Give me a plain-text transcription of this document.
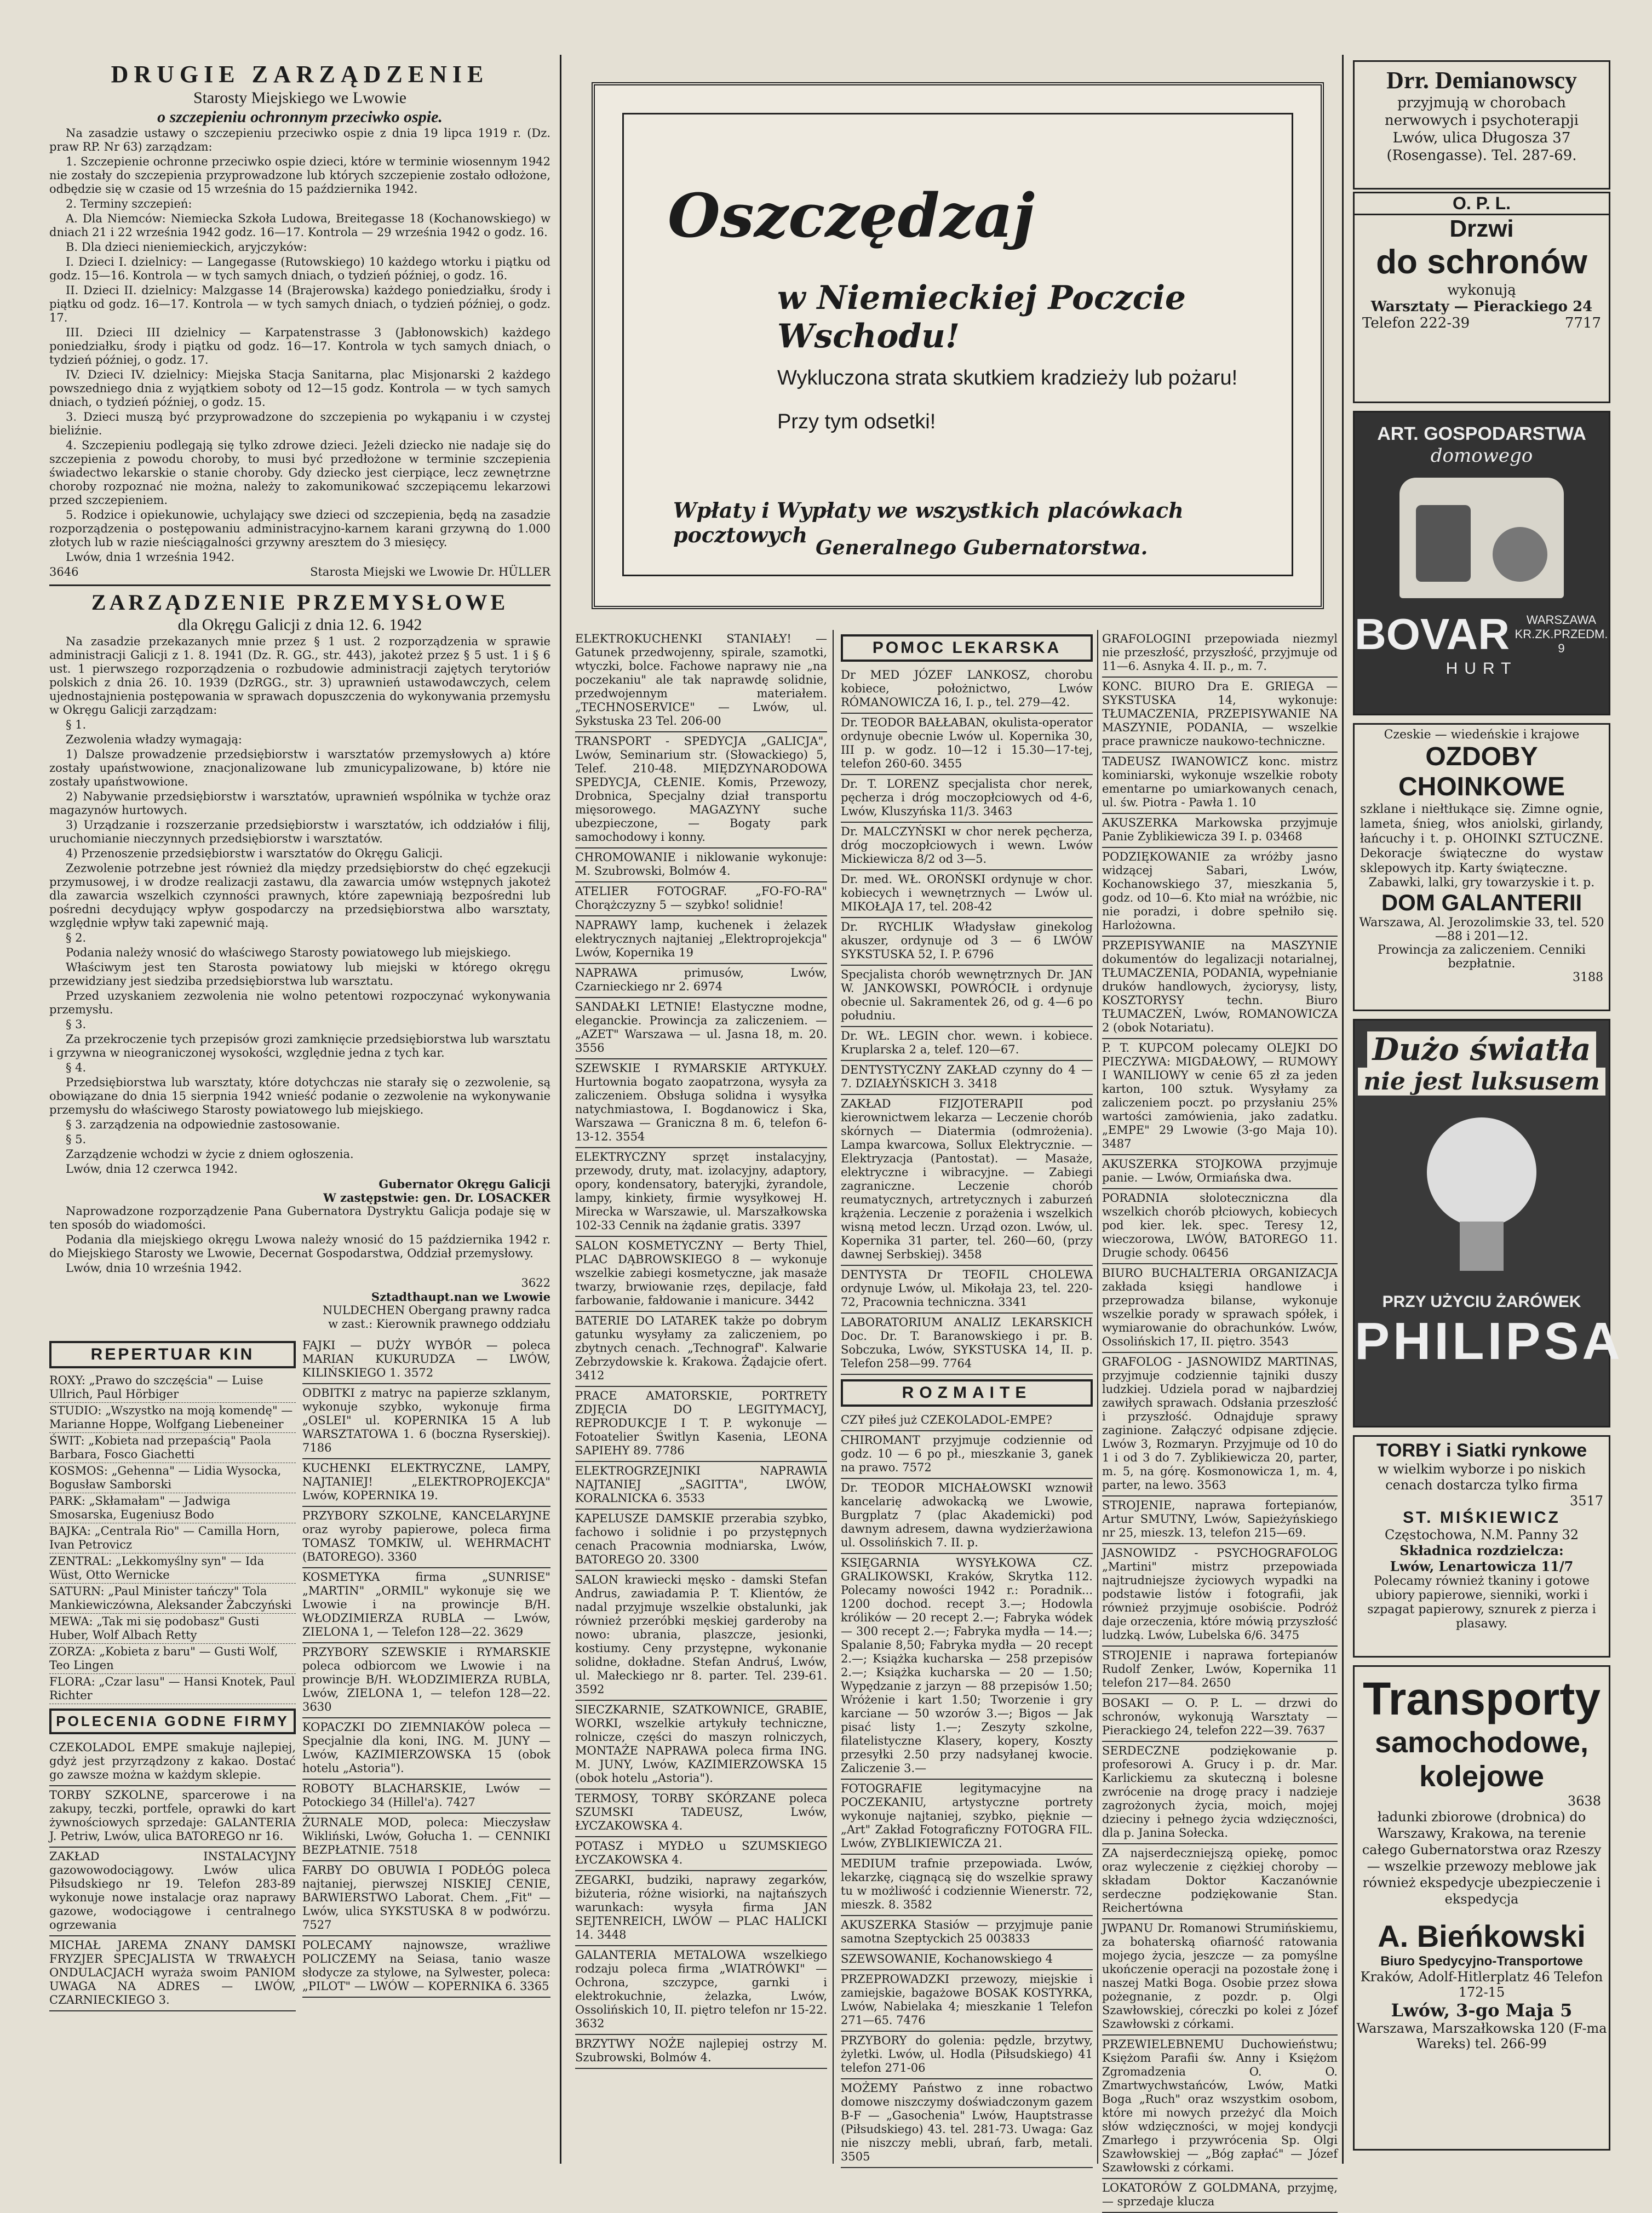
DRUGIE ZARZĄDZENIE
Starosty Miejskiego we Lwowie
o szczepieniu ochronnym przeciwko ospie.
Na zasadzie ustawy o szczepieniu przeciwko ospie z dnia 19 lipca 1919 r. (Dz. praw RP. Nr 63) zarządzam:
1. Szczepienie ochronne przeciwko ospie dzieci, które w terminie wiosennym 1942 nie zostały do szczepienia przyprowadzone lub których szczepienie zostało odłożone, odbędzie się w czasie od 15 września do 15 października 1942.
2. Terminy szczepień:
A. Dla Niemców: Niemiecka Szkoła Ludowa, Breitegasse 18 (Kochanowskiego) w dniach 21 i 22 września 1942 godz. 16—17. Kontrola — 29 września 1942 o godz. 16.
B. Dla dzieci nieniemieckich, aryjczyków:
I. Dzieci I. dzielnicy: — Langegasse (Rutowskiego) 10 każdego wtorku i piątku od godz. 15—16. Kontrola — w tych samych dniach, o tydzień później, o godz. 16.
II. Dzieci II. dzielnicy: Malzgasse 14 (Brajerowska) każdego poniedziałku, środy i piątku od godz. 16—17. Kontrola — w tych samych dniach, o tydzień później, o godz. 17.
III. Dzieci III dzielnicy — Karpatenstrasse 3 (Jabłonowskich) każdego poniedziałku, środy i piątku od godz. 16—17. Kontrola w tych samych dniach, o tydzień później, o godz. 17.
IV. Dzieci IV. dzielnicy: Miejska Stacja Sanitarna, plac Misjonarski 2 każdego powszedniego dnia z wyjątkiem soboty od 12—15 godz. Kontrola — w tych samych dniach, o tydzień później, o godz. 15.
3. Dzieci muszą być przyprowadzone do szczepienia po wykąpaniu i w czystej bieliźnie.
4. Szczepieniu podlegają się tylko zdrowe dzieci. Jeżeli dziecko nie nadaje się do szczepienia z powodu choroby, to musi być przedłożone w terminie szczepienia świadectwo lekarskie o stanie choroby. Gdy dziecko jest cierpiące, lecz zewnętrzne choroby rozpoznać nie można, należy to zakomunikować szczepiącemu lekarzowi przed szczepieniem.
5. Rodzice i opiekunowie, uchylający swe dzieci od szczepienia, będą na zasadzie rozporządzenia o postępowaniu administracyjno-karnem karani grzywną do 1.000 złotych lub w razie nieściągalności grzywny aresztem do 3 miesięcy.
Lwów, dnia 1 września 1942.
3646	Starosta Miejski we Lwowie Dr. HÜLLER
ZARZĄDZENIE PRZEMYSŁOWE
dla Okręgu Galicji z dnia 12. 6. 1942
Na zasadzie przekazanych mnie przez § 1 ust. 2 rozporządzenia w sprawie administracji Galicji z 1. 8. 1941 (Dz. R. GG., str. 443), jakoteż przez § 5 ust. 1 i § 6 ust. 1 pierwszego rozporządzenia o rozbudowie administracji zajętych terytoriów polskich z dnia 26. 10. 1939 (DzRGG., str. 3) uprawnień ustawodawczych, celem ujednostajnienia postępowania w sprawach dopuszczenia do wykonywania przemysłu w Okręgu Galicji zarządzam:
§ 1.
Zezwolenia władzy wymagają:
1) Dalsze prowadzenie przedsiębiorstw i warsztatów przemysłowych a) które zostały upaństwowione, znacjonalizowane lub zmunicypalizowane, b) które nie zostały upaństwowione.
2) Nabywanie przedsiębiorstw i warsztatów, uprawnień wspólnika w tychże oraz magazynów hurtowych.
3) Urządzanie i rozszerzanie przedsiębiorstw i warsztatów, ich oddziałów i filij, uruchomianie nieczynnych przedsiębiorstw i warsztatów.
4) Przenoszenie przedsiębiorstw i warsztatów do Okręgu Galicji.
Zezwolenie potrzebne jest również dla między przedsiębiorstw do chęć egzekucji przymusowej, i w drodze realizacji zastawu, dla zawarcia umów wstępnych jakoteż dla zawarcia wszelkich czynności prawnych, które zapewniają bezpośredni lub pośredni decydujący wpływ gospodarczy na przedsiębiorstwa albo warsztaty, względnie wpływ taki zapewnić mają.
§ 2.
Podania należy wnosić do właściwego Starosty powiatowego lub miejskiego.
Właściwym jest ten Starosta powiatowy lub miejski w którego okręgu przewidziany jest siedziba przedsiębiorstwa lub warsztatu.
Przed uzyskaniem zezwolenia nie wolno petentowi rozpoczynać wykonywania przemysłu.
§ 3.
Za przekroczenie tych przepisów grozi zamknięcie przedsiębiorstwa lub warsztatu i grzywna w nieograniczonej wysokości, względnie jedna z tych kar.
§ 4.
Przedsiębiorstwa lub warsztaty, które dotychczas nie starały się o zezwolenie, są obowiązane do dnia 15 sierpnia 1942 wnieść podanie o zezwolenie na wykonywanie przemysłu do właściwego Starosty powiatowego lub miejskiego.
§ 3. zarządzenia na odpowiednie zastosowanie.
§ 5.
Zarządzenie wchodzi w życie z dniem ogłoszenia.
Lwów, dnia 12 czerwca 1942.
Gubernator Okręgu Galicji
W zastępstwie: gen. Dr. LOSACKER
Naprowadzone rozporządzenie Pana Gubernatora Dystryktu Galicja podaje się w ten sposób do wiadomości.
Podania dla miejskiego okręgu Lwowa należy wnosić do 15 października 1942 r. do Miejskiego Starosty we Lwowie, Decernat Gospodarstwa, Oddział przemysłowy.
Lwów, dnia 10 września 1942.
3622
Sztadthaupt.nan we Lwowie
NULDECHEN Obergang prawny radca
w zast.: Kierownik prawnego oddziału
REPERTUAR KIN
ROXY: „Prawo do szczęścia" — Luise Ullrich, Paul Hörbiger
STUDIO: „Wszystko na moją komendę" — Marianne Hoppe, Wolfgang Liebeneiner
ŚWIT: „Kobieta nad przepaścią" Paola Barbara, Fosco Giachetti
KOSMOS: „Gehenna" — Lidia Wysocka, Bogusław Samborski
PARK: „Skłamałam" — Jadwiga Smosarska, Eugeniusz Bodo
BAJKA: „Centrala Rio" — Camilla Horn, Ivan Petrovicz
ZENTRAL: „Lekkomyślny syn" — Ida Wüst, Otto Wernicke
SATURN: „Paul Minister tańczy" Tola Mankiewiczówna, Aleksander Żabczyński
MEWA: „Tak mi się podobasz" Gusti Huber, Wolf Albach Retty
ZORZA: „Kobieta z baru" — Gusti Wolf, Teo Lingen
FLORA: „Czar lasu" — Hansi Knotek, Paul Richter
POLECENIA GODNE FIRMY
CZEKOLADOL EMPE smakuje najlepiej, gdyż jest przyrządzony z kakao. Dostać go zawsze można w każdym sklepie.
TORBY SZKOLNE, sparcerowe i na zakupy, teczki, portfele, oprawki do kart żywnościowych sprzedaje: GALANTERIA J. Petriw, Lwów, ulica BATOREGO nr 16.
ZAKŁAD INSTALACYJNY gazowowodociągowy. Lwów ulica Piłsudskiego nr 19. Telefon 283-89 wykonuje nowe instalacje oraz naprawy gazowe, wodociągowe i centralnego ogrzewania
MICHAŁ JAREMA ZNANY DAMSKI FRYZJER SPECJALISTA W TRWAŁYCH ONDULACJACH wyraża swoim PANIOM UWAGA NA ADRES — LWÓW, CZARNIECKIEGO 3.
FAJKI — DUŻY WYBÓR — poleca MARIAN KUKURUDZA — LWÓW, KILIŃSKIEGO 1. 3572
ODBITKI z matryc na papierze szklanym, wykonuje szybko, wykonuje firma „OSLEI" ul. KOPERNIKA 15 A lub WARSZTATOWA 1. 6 (boczna Ryserskiej). 7186
KUCHENKI ELEKTRYCZNE, LAMPY, NAJTANIEJ! „ELEKTROPROJEKCJA" Lwów, KOPERNIKA 19.
PRZYBORY SZKOLNE, KANCELARYJNE oraz wyroby papierowe, poleca firma TOMASZ TOMKIW, ul. WEHRMACHT (BATOREGO). 3360
KOSMETYKA firma „SUNRISE" „MARTIN" „ORMIL" wykonuje się we Lwowie i na prowincje B/H. WŁODZIMIERZA RUBLA — Lwów, ZIELONA 1, — Telefon 128—22. 3629
PRZYBORY SZEWSKIE i RYMARSKIE poleca odbiorcom we Lwowie i na prowincje B/H. WŁODZIMIERZA RUBLA, Lwów, ZIELONA 1, — telefon 128—22. 3630
KOPACZKI DO ZIEMNIAKÓW poleca — Specjalnie dla koni, ING. M. JUNY — Lwów, KAZIMIERZOWSKA 15 (obok hotelu „Astoria").
ROBOTY BLACHARSKIE, Lwów — Potockiego 34 (Hillel'a). 7427
ŻURNALE MOD, poleca: Mieczysław Wikliński, Lwów, Gołucha 1. — CENNIKI BEZPŁATNIE. 7518
FARBY DO OBUWIA I PODŁÓG poleca najtaniej, pierwszej NISKIEJ CENIE, BARWIERSTWO Laborat. Chem. „Fit" — Lwów, ulica SYKSTUSKA 8 w podwórzu. 7527
POLECAMY najnowsze, wrażliwe POLICZEMY na Seiasa, tanio wasze słodycze za stylowe, na Sylwester, poleca: „PILOT" — LWÓW — KOPERNIKA 6. 3365
Oszczędzaj
w Niemieckiej Poczcie Wschodu!
Wykluczona strata skutkiem kradzieży lub pożaru!
Przy tym odsetki!
Wpłaty i Wypłaty we wszystkich placówkach pocztowych
Generalnego Gubernatorstwa.
ELEKTROKUCHENKI STANIAŁY! — Gatunek przedwojenny, spirale, szamotki, wtyczki, bolce. Fachowe naprawy nie „na poczekaniu" ale tak naprawdę solidnie, przedwojennym materiałem. „TECHNOSERVICE" — Lwów, ul. Sykstuska 23 Tel. 206-00
TRANSPORT - SPEDYCJA „GALICJA", Lwów, Seminarium str. (Słowackiego) 5, Telef. 210-48. MIĘDZYNARODOWA SPEDYCJA, CŁENIE. Komis, Przewozy, Drobnica, Specjalny dział transportu mięsorowego. MAGAZYNY suche ubezpieczone, — Bogaty park samochodowy i konny.
CHROMOWANIE i niklowanie wykonuje: M. Szubrowski, Bolmów 4.
ATELIER FOTOGRAF. „FO-FO-RA" Chorążczyzny 5 — szybko! solidnie!
NAPRAWY lamp, kuchenek i żelazek elektrycznych najtaniej „Elektroprojekcja" Lwów, Kopernika 19
NAPRAWA primusów, Lwów, Czarnieckiego nr 2. 6974
SANDAŁKI LETNIE! Elastyczne modne, eleganckie. Prowincja za zaliczeniem. — „AZET" Warszawa — ul. Jasna 18, m. 20. 3556
SZEWSKIE I RYMARSKIE ARTYKUŁY. Hurtownia bogato zaopatrzona, wysyła za zaliczeniem. Obsługa solidna i wysyłka natychmiastowa, I. Bogdanowicz i Ska, Warszawa — Graniczna 8 m. 6, telefon 6-13-12. 3554
ELEKTRYCZNY sprzęt instalacyjny, przewody, druty, mat. izolacyjny, adaptory, opory, kondensatory, bateryjki, żyrandole, lampy, kinkiety, firmie wysyłkowej H. Mirecka w Warszawie, ul. Marszałkowska 102-33 Cennik na żądanie gratis. 3397
SALON KOSMETYCZNY — Berty Thiel, PLAC DĄBROWSKIEGO 8 — wykonuje wszelkie zabiegi kosmetyczne, jak masaże twarzy, brwiowanie rzęs, depilacje, fałd farbowanie, fałdowanie i manicure. 3442
BATERIE DO LATAREK także po dobrym gatunku wysyłamy za zaliczeniem, po zbytnych cenach. „Technograf". Kalwarie Zebrzydowskie k. Krakowa. Żądajcie ofert. 3412
PRACE AMATORSKIE, PORTRETY ZDJĘCIA DO LEGITYMACYJ, REPRODUKCJE I T. P. wykonuje — Fotoatelier Świtlyn Kasenia, LEONA SAPIEHY 89. 7786
ELEKTROGRZEJNIKI NAPRAWIA NAJTANIEJ „SAGITTA", LWÓW, KORALNICKA 6. 3533
KAPELUSZE DAMSKIE przerabia szybko, fachowo i solidnie i po przystępnych cenach Pracownia modniarska, Lwów, BATOREGO 20. 3300
SALON krawiecki męsko - damski Stefan Andrus, zawiadamia P. T. Klientów, że nadal przyjmuje wszelkie obstalunki, jak również przeróbki męskiej garderoby na nowo: ubrania, plaszcze, jesionki, kostiumy. Ceny przystępne, wykonanie solidne, dokładne. Stefan Andruś, Lwów, ul. Małeckiego nr 8. parter. Tel. 239-61. 3592
SIECZKARNIE, SZATKOWNICE, GRABIE, WORKI, wszelkie artykuły techniczne, rolnicze, części do maszyn rolniczych, MONTAŻE NAPRAWA poleca firma ING. M. JUNY, Lwów, KAZIMIERZOWSKA 15 (obok hotelu „Astoria").
TERMOSY, TORBY SKÓRZANE poleca SZUMSKI TADEUSZ, Lwów, ŁYCZAKOWSKA 4.
POTASZ i MYDŁO u SZUMSKIEGO ŁYCZAKOWSKA 4.
ZEGARKI, budziki, naprawy zegarków, biżuteria, różne wisiorki, na najtańszych warunkach: wysyła firma JAN SEJTENREICH, LWÓW — PLAC HALICKI 14. 3448
GALANTERIA METALOWA wszelkiego rodzaju poleca firma „WIATRÓWKI" — Ochrona, szczypce, garnki i elektrokuchnie, żelazka, Lwów, Ossolińskich 10, II. piętro telefon nr 15-22. 3632
BRZYTWY NOŻE najlepiej ostrzy M. Szubrowski, Bolmów 4.
POMOC LEKARSKA
Dr MED JÓZEF LANKOSZ, chorobu kobiece, położnictwo, Lwów RÓMANOWICZA 16, I. p., tel. 279—42.
Dr. TEODOR BAŁŁABAN, okulista-operator ordynuje obecnie Lwów ul. Kopernika 30, III p. w godz. 10—12 i 15.30—17-tej, telefon 260-60. 3455
Dr. T. LORENZ specjalista chor nerek, pęcherza i dróg moczopłciowych od 4-6, Lwów, Kluszyńska 11/3. 3463
Dr. MALCZYŃSKI w chor nerek pęcherza, dróg moczopłciowych i wewn. Lwów Mickiewicza 8/2 od 3—5.
Dr. med. WŁ. OROŃSKI ordynuje w chor. kobiecych i wewnętrznych — Lwów ul. MIKOŁAJA 17, tel. 208-42
Dr. RYCHLIK Władysław ginekolog akuszer, ordynuje od 3 — 6 LWÓW SYKSTUSKA 52, I. P. 6796
Specjalista chorób wewnętrznych Dr. JAN W. JANKOWSKI, POWRÓCIŁ i ordynuje obecnie ul. Sakramentek 26, od g. 4—6 po południu.
Dr. WŁ. LEGIN chor. wewn. i kobiece. Kruplarska 2 a, telef. 120—67.
DENTYSTYCZNY ZAKŁAD czynny do 4 — 7. DZIAŁYŃSKICH 3. 3418
ZAKŁAD FIZJOTERAPII pod kierownictwem lekarza — Leczenie chorób skórnych — Diatermia (odmrożenia). Lampa kwarcowa, Sollux Elektrycznie. — Elektryzacja (Pantostat). — Masaże, elektryczne i wibracyjne. — Zabiegi zagraniczne. Leczenie chorób reumatycznych, artretycznych i zaburzeń krążenia. Leczenie z porażenia i wszelkich wisną metod leczn. Urząd ozon. Lwów, ul. Kopernika 31 parter, tel. 260—60, (przy dawnej Serbskiej). 3458
DENTYSTA Dr TEOFIL CHOLEWA ordynuje Lwów, ul. Mikołaja 23, tel. 220-72, Pracownia techniczna. 3341
LABORATORIUM ANALIZ LEKARSKICH Doc. Dr. T. Baranowskiego i pr. B. Sobczuka, Lwów, SYKSTUSKA 14, II. p. Telefon 258—99. 7764
ROZMAITE
CZY piłeś już CZEKOLADOL-EMPE?
CHIROMANT przyjmuje codziennie od godz. 10 — 6 po pł., mieszkanie 3, ganek na prawo. 7572
Dr. TEODOR MICHAŁOWSKI wznowił kancelarię adwokacką we Lwowie, Burgplatz 7 (plac Akademicki) pod dawnym adresem, dawna wydzierżawiona ul. Ossolińskich 7. II. p.
KSIĘGARNIA WYSYŁKOWA CZ. GRALIKOWSKI, Kraków, Skrytka 112. Polecamy nowości 1942 r.: Poradnik... 1200 dochod. recept 3.—; Hodowla królików — 20 recept 2.—; Fabryka wódek — 300 recept 2.—; Fabryka mydła — 14.—; Spalanie 8,50; Fabryka mydła — 20 recept 2.—; Książka kucharska — 258 przepisów 2.—; Książka kucharska — 20 — 1.50; Wypędzanie z jarzyn — 88 przepisów 1.50; Wróżenie i kart 1.50; Tworzenie i gry karciane — 50 wzorów 3.—; Bigos — Jak pisać listy 1.—; Zeszyty szkolne, filatelistyczne Klasery, kopery, Koszty przesyłki 2.50 przy nadsyłanej kwocie. Zaliczenie 3.—
FOTOGRAFIE legitymacyjne na POCZEKANIU, artystyczne portrety wykonuje najtaniej, szybko, pięknie — „Art" Zakład Fotograficzny FOTOGRA FIL. Lwów, ZYBLIKIEWICZA 21.
MEDIUM trafnie przepowiada. Lwów, lekarzkę, ciągnącą się do wszelkie sprawy tu w możliwość i codziennie Wienerstr. 72, mieszk. 8. 3582
AKUSZERKA Stasiów — przyjmuje panie samotna Szeptyckich 25 003833
SZEWSOWANIE, Kochanowskiego 4
PRZEPROWADZKI przewozy, miejskie i zamiejskie, bagażowe BOSAK KOSTYRKA, Lwów, Nabielaka 4; mieszkanie 1 Telefon 271—65. 7476
PRZYBORY do golenia: pędzle, brzytwy, żyletki. Lwów, ul. Hodla (Piłsudskiego) 41 telefon 271-06
MOŻEMY Państwo z inne robactwo domowe niszczymy doświadczonym gazem B-F — „Gasochenia" Lwów, Hauptstrasse (Piłsudskiego) 43. tel. 281-73. Uwaga: Gaz nie niszczy mebli, ubrań, farb, metali. 3505
GRAFOLOGINI przepowiada niezmyl nie przeszłość, przyszłość, przyjmuje od 11—6. Asnyka 4. II. p., m. 7.
KONC. BIURO Dra E. GRIEGA — SYKSTUSKA 14, wykonuje: TŁUMACZENIA, PRZEPISYWANIE NA MASZYNIE, PODANIA, — wszelkie prace prawnicze naukowo-techniczne.
TADEUSZ IWANOWICZ konc. mistrz kominiarski, wykonuje wszelkie roboty ementarne po umiarkowanych cenach, ul. św. Piotra - Pawła 1. 10
AKUSZERKA Markowska przyjmuje Panie Zyblikiewicza 39 I. p. 03468
PODZIĘKOWANIE za wróżby jasno widzącej Sabari, Lwów, Kochanowskiego 37, mieszkania 5, godz. od 10—6. Kto miał na wróżbie, nic nie poradzi, i dobre spełniło się. Harlożowna.
PRZEPISYWANIE na MASZYNIE dokumentów do legalizacji notarialnej, TŁUMACZENIA, PODANIA, wypełnianie druków handlowych, życiorysy, listy, KOSZTORYSY techn. Biuro TŁUMACZEŃ, Lwów, ROMANOWICZA 2 (obok Notariatu).
P. T. KUPCOM polecamy OLEJKI DO PIECZYWA: MIGDAŁOWY, — RUMOWY I WANILIOWY w cenie 65 zł za jeden karton, 100 sztuk. Wysyłamy za zaliczeniem poczt. po przysłaniu 25% wartości zamówienia, jako zadatku. „EMPE" 29 Lwowie (3-go Maja 10). 3487
AKUSZERKA STOJKOWA przyjmuje panie. — Lwów, Ormiańska dwa.
PORADNIA słoloteczniczna dla wszelkich chorób płciowych, kobiecych pod kier. lek. spec. Teresy 12, wieczorowa, LWÓW, BATOREGO 11. Drugie schody. 06456
BIURO BUCHALTERIA ORGANIZACJA zakłada księgi handlowe i przeprowadza bilanse, wykonuje wszelkie porady w sprawach spółek, i wymiarowanie do obrachunków. Lwów, Ossolińskich 17, II. piętro. 3543
GRAFOLOG - JASNOWIDZ MARTINAS, przyjmuje codziennie tajniki duszy ludzkiej. Udziela porad w najbardziej zawiłych sprawach. Odsłania przeszłość i przyszłość. Odnajduje sprawy zaginione. Załączyć odpisane zdjęcie. Lwów 3, Rozmaryn. Przyjmuje od 10 do 1 i od 3 do 7. Zyblikiewicza 20, parter, m. 5, na górę. Kosmonowicza 1, m. 4, parter, na lewo. 3563
STROJENIE, naprawa fortepianów, Artur SMUTNY, Lwów, Sapieżyńskiego nr 25, mieszk. 13, telefon 215—69.
JASNOWIDZ - PSYCHOGRAFOLOG „Martini" mistrz przepowiada najtrudniejsze życiowych wypadki na podstawie listów i fotografii, jak również przyjmuje osobiście. Podróż daje orzeczenia, które mówią przyszłość ludzką. Lwów, Lubelska 6/6. 3475
STROJENIE i naprawa fortepianów Rudolf Zenker, Lwów, Kopernika 11 telefon 217—84. 2650
BOSAKI — O. P. L. — drzwi do schronów, wykonują Warsztaty — Pierackiego 24, telefon 222—39. 7637
SERDECZNE podziękowanie p. profesorowi A. Grucy i p. dr. Mar. Karlickiemu za skuteczną i bolesne zwrócenie na drogę pracy i nadzieje zagrożonych życia, moich, mojej dzieciny i pełnego życia wdzięczności, dla p. Janina Sołecka.
ZA najserdeczniejszą opiekę, pomoc oraz wyleczenie z ciężkiej choroby — składam Doktor Kaczanównie serdeczne podziękowanie Stan. Reichertówna
JWPANU Dr. Romanowi Strumińskiemu, za bohaterską ofiarność ratowania mojego życia, jeszcze — za pomyślne ukończenie operacji na pozostałe żonę i naszej Matki Boga. Osobie przez słowa pożegnanie, z pozdr. p. Olgi Szawłowskiej, córeczki po kolei z Józef Szawłowski z córkami.
PRZEWIELEBNEMU Duchowieństwu; Księżom Parafii św. Anny i Księżom Zgromadzenia O. O. Zmartwychwstańców, Lwów, Matki Boga „Ruch" oraz wszystkim osobom, które mi nowych przeżyć dla Moich słów wdzięczności, w mojej kondycji Zmarłego i przywrócenia Sp. Olgi Szawłowskiej — „Bóg zapłać" — Józef Szawłowski z córkami.
LOKATORÓW Z GOLDMANA, przyjmę, — sprzedaje klucza
Drr. Demianowscy
przyjmują w chorobach nerwowych i psychoterapji Lwów, ulica Długosza 37 (Rosengasse). Tel. 287-69.
O. P. L.
Drzwi
do schronów
wykonują
Warsztaty — Pierackiego 24
Telefon 222-39	7717
ART. GOSPODARSTWA
domowego
BOVAR	WARSZAWA
KR.ZK.PRZEDM. 9
HURT
Czeskie — wiedeńskie i krajowe
OZDOBY CHOINKOWE
szklane i niełtłukące się. Zimne ognie, lameta, śnieg, włos aniolski, girlandy, łańcuchy i t. p. OHOINKI SZTUCZNE. Dekoracje świąteczne do wystaw sklepowych itp. Karty świąteczne.
Zabawki, lalki, gry towarzyskie i t. p.
DOM GALANTERII
Warszawa, Al. Jerozolimskie 33, tel. 520—88 i 201—12.
Prowincja za zaliczeniem. Cenniki bezpłatnie.
3188
Dużo światła
nie jest luksusem
PRZY UŻYCIU ŻARÓWEK
PHILIPSA
TORBY i Siatki rynkowe
w wielkim wyborze i po niskich cenach dostarcza tylko firma
3517
ST. MIŚKIEWICZ
Częstochowa, N.M. Panny 32
Składnica rozdzielcza:
Lwów, Lenartowicza 11/7
Polecamy również tkaniny i gotowe ubiory papierowe, sienniki, worki i szpagat papierowy, sznurek z pierza i plasawy.
Transporty
samochodowe,
kolejowe
3638
ładunki zbiorowe (drobnica) do Warszawy, Krakowa, na terenie całego Gubernatorstwa oraz Rzeszy — wszelkie przewozy meblowe jak również ekspedycje ubezpieczenie i ekspedycja
A. Bieńkowski
Biuro Spedycyjno-Transportowe
Kraków, Adolf-Hitlerplatz 46 Telefon 172-15
Lwów, 3-go Maja 5
Warszawa, Marszałkowska 120 (F-ma Wareks) tel. 266-99
